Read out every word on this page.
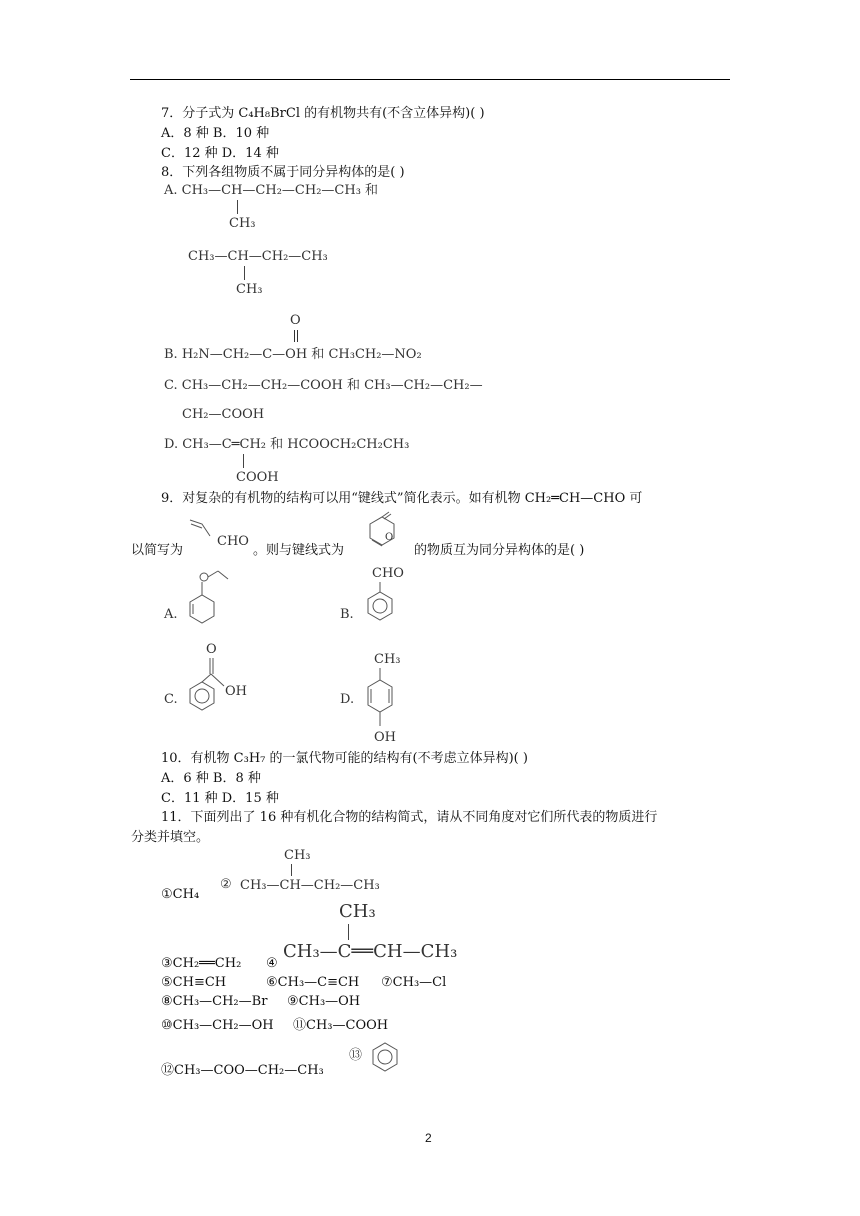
7．分子式为 C₄H₈BrCl 的有机物共有(不含立体异构)( )
A．8 种 B．10 种
C．12 种 D．14 种
8．下列各组物质不属于同分异构体的是( )
A. CH₃—CH—CH₂—CH₂—CH₃ 和
CH₃
CH₃—CH—CH₂—CH₃
CH₃
O
B. H₂N—CH₂—C—OH 和 CH₃CH₂—NO₂
C. CH₃—CH₂—CH₂—COOH 和 CH₃—CH₂—CH₂—
CH₂—COOH
D. CH₃—C═CH₂ 和 HCOOCH₂CH₂CH₃
COOH
9．对复杂的有机物的结构可以用“键线式”简化表示。如有机物 CH₂═CH—CHO 可
以简写为
CHO
。则与键线式为
O
的物质互为同分异构体的是( )
A.	B.
CHO
C.
O
OH
D.
CH₃
OH
10．有机物 C₃H₇ 的一氯代物可能的结构有(不考虑立体异构)( )
A．6 种 B．8 种
C．11 种 D．15 种
11．下面列出了 16 种有机化合物的结构简式，请从不同角度对它们所代表的物质进行
分类并填空。
①CH₄
②
CH₃
CH₃—CH—CH₂—CH₃
CH₃
③CH₂══CH₂ ④
CH₃—C══CH—CH₃
⑤CH≡CH	⑥CH₃—C≡CH ⑦CH₃—Cl
⑧CH₃—CH₂—Br ⑨CH₃—OH
⑩CH₃—CH₂—OH ⑪CH₃—COOH
⑫CH₃—COO—CH₂—CH₃
⑬
2
